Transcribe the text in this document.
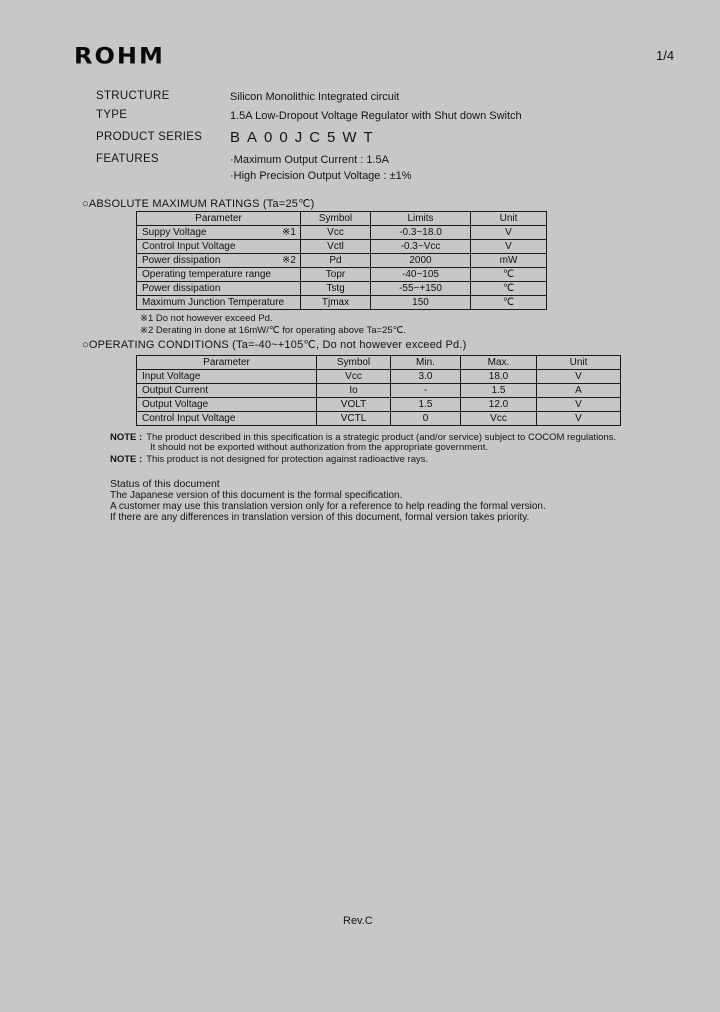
ROHM	1/4
STRUCTURE	Silicon Monolithic Integrated circuit
TYPE	1.5A Low-Dropout Voltage Regulator with Shut down Switch
PRODUCT SERIES BA00JC5WT
FEATURES	·Maximum Output Current : 1.5A
·High Precision Output Voltage : ±1%
○ABSOLUTE MAXIMUM RATINGS (Ta=25℃)
Parameter	Symbol	Limits	Unit

※1
Suppy Voltage	Vcc	-0.3~18.0	V

Control Input Voltage	Vctl	-0.3~Vcc	V

※2
Power dissipation	Pd	2000	mW

Operating temperature range	Topr	-40~105	℃

Power dissipation	Tstg	-55~+150	℃

Maximum Junction Temperature	Tjmax	150	℃
※1 Do not however exceed Pd.
※2 Derating in done at 16mW/℃ for operating above Ta=25℃.
○OPERATING CONDITIONS (Ta=-40~+105℃, Do not however exceed Pd.)
Parameter	Symbol	Min.	Max.	Unit
Input Voltage	Vcc	3.0	18.0	V
Output Current	Io	-	1.5	A
Output Voltage	VOLT	1.5	12.0	V
Control Input Voltage	VCTL	0	Vcc	V
NOTE : The product described in this specification is a strategic product (and/or service) subject to COCOM regulations.
It should not be exported without authorization from the appropriate government.
NOTE : This product is not designed for protection against radioactive rays.
Status of this document
The Japanese version of this document is the formal specification.
A customer may use this translation version only for a reference to help reading the formal version.
If there are any differences in translation version of this document, formal version takes priority.
Rev.C
